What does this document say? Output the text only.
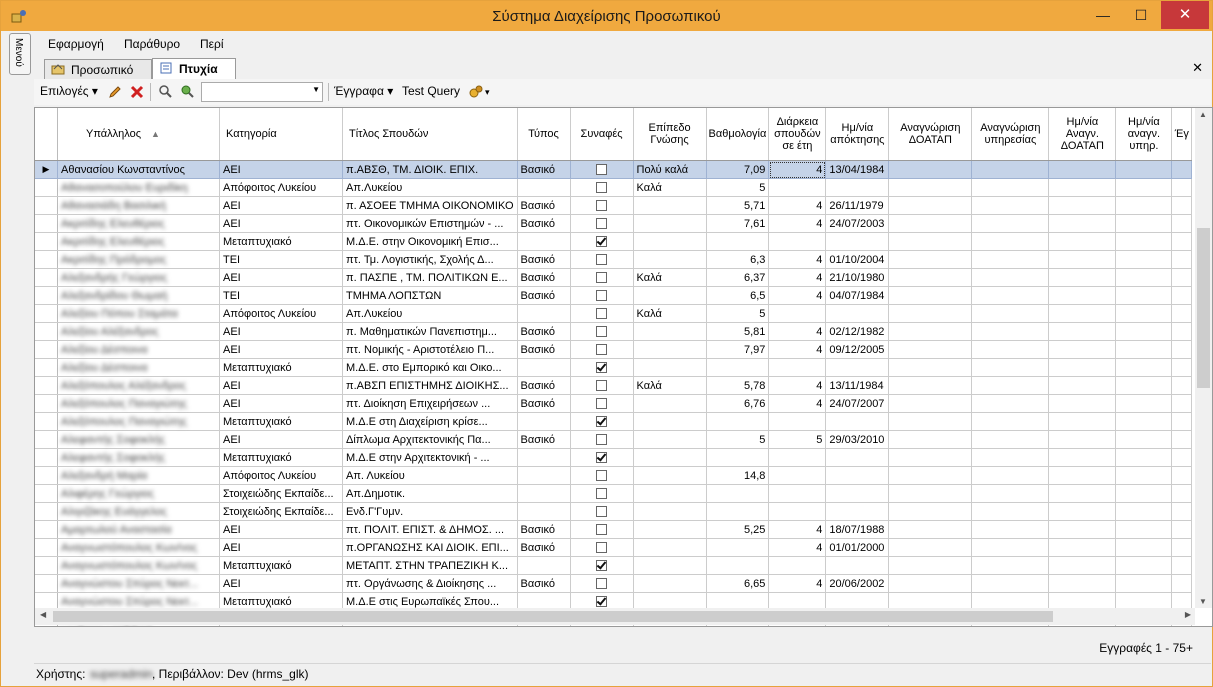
Σύστημα Διαχείρισης Προσωπικού	—	☐	✕
Μενού Εφαρμογή Παράθυρο Περί
Προσωπικό	Πτυχία	✕
Επιλογές ▾	▼ Έγγραφα ▾ Test Query	▾
	Υπάλληλος ▲	Κατηγορία	Τίτλος Σπουδών	Τύπος	Συναφές	Επίπεδο Γνώσης	Βαθμολογία	Διάρκεια σπουδών σε έτη	Ημ/νία απόκτησης	Αναγνώριση ΔΟΑΤΑΠ	Αναγνώριση υπηρεσίας	Ημ/νία Αναγν. ΔΟΑΤΑΠ	Ημ/νία αναγν. υπηρ.	Έγ
▶	Αθανασίου Κωνσταντίνος	ΑΕΙ	π.ΑΒΣΘ, ΤΜ. ΔΙΟΙΚ. ΕΠΙΧ.	Βασικό		Πολύ καλά	7,09	4	13/04/1984					
	Αθανασοπούλου Ευριδίκη	Απόφοιτος Λυκείου	Απ.Λυκείου			Καλά	5							
	Αθανασιάδη Βασιλική	ΑΕΙ	π. ΑΣΟΕΕ ΤΜΗΜΑ ΟΙΚΟΝΟΜΙΚΟ	Βασικό			5,71	4	26/11/1979					
	Ακριτίδης Ελευθέριος	ΑΕΙ	πτ. Οικονομικών Επιστημών - ...	Βασικό			7,61	4	24/07/2003					
	Ακριτίδης Ελευθέριος	Μεταπτυχιακό	Μ.Δ.Ε. στην Οικονομική Επισ...											
	Ακριτίδης Πρόδρομος	ΤΕΙ	πτ. Τμ. Λογιστικής, Σχολής Δ...	Βασικό			6,3	4	01/10/2004					
	Αλεξανδρής Γεώργιος	ΑΕΙ	π. ΠΑΣΠΕ , ΤΜ. ΠΟΛΙΤΙΚΩΝ Ε...	Βασικό		Καλά	6,37	4	21/10/1980					
	Αλεξανδρίδου Θωμαή	ΤΕΙ	ΤΜΗΜΑ ΛΟΠΣΤΩΝ	Βασικό			6,5	4	04/07/1984					
	Αλεξίου Πόπου Σταμάτα	Απόφοιτος Λυκείου	Απ.Λυκείου			Καλά	5							
	Αλεξίου Αλέξανδρος	ΑΕΙ	π. Μαθηματικών Πανεπιστημ...	Βασικό			5,81	4	02/12/1982					
	Αλεξίου Δέσποινα	ΑΕΙ	πτ. Νομικής - Αριστοτέλειο Π...	Βασικό			7,97	4	09/12/2005					
	Αλεξίου Δέσποινα	Μεταπτυχιακό	Μ.Δ.Ε. στο Εμπορικό και Οικο...											
	Αλεξόπουλος Αλέξανδρος	ΑΕΙ	π.ΑΒΣΠ ΕΠΙΣΤΗΜΗΣ ΔΙΟΙΚΗΣ...	Βασικό		Καλά	5,78	4	13/11/1984					
	Αλεξόπουλος Παναγιώτης	ΑΕΙ	πτ. Διοίκηση Επιχειρήσεων ...	Βασικό			6,76	4	24/07/2007					
	Αλεξόπουλος Παναγιώτης	Μεταπτυχιακό	Μ.Δ.Ε στη Διαχείριση κρίσε...											
	Αλεφαντής Σοφοκλής	ΑΕΙ	Δίπλωμα Αρχιτεκτονικής Πα...	Βασικό			5	5	29/03/2010					
	Αλεφαντής Σοφοκλής	Μεταπτυχιακό	Μ.Δ.Ε στην Αρχιτεκτονική - ...											
	Αλεξανδρή Μαρία	Απόφοιτος Λυκείου	Απ. Λυκείου				14,8							
	Αλιφέρης Γεώργιος	Στοιχειώδης Εκπαίδε...	Απ.Δημοτικ.											
	Αλιγιζάκης Ευάγγελος	Στοιχειώδης Εκπαίδε...	Ενδ.Γ'Γυμν.											
	Αμαρτωλού Αναστασία	ΑΕΙ	πτ. ΠΟΛΙΤ. ΕΠΙΣΤ. & ΔΗΜΟΣ. ...	Βασικό			5,25	4	18/07/1988					
	Αναγνωστόπουλος Κων/νος	ΑΕΙ	π.ΟΡΓΑΝΩΣΗΣ ΚΑΙ ΔΙΟΙΚ. ΕΠΙ...	Βασικό				4	01/01/2000					
	Αναγνωστόπουλος Κων/νος	Μεταπτυχιακό	ΜΕΤΑΠΤ. ΣΤΗΝ ΤΡΑΠΕΖΙΚΗ Κ...											
	Αναγνώστου Σπύρος Νεκτ...	ΑΕΙ	πτ. Οργάνωσης & Διοίκησης ...	Βασικό			6,65	4	20/06/2002					
	Αναγνώστου Σπύρος Νεκτ...	Μεταπτυχιακό	Μ.Δ.Ε στις Ευρωπαϊκές Σπου...											

▲
▼
◀	▶
Εγγραφές 1 - 75+
Χρήστης: superadmin , Περιβάλλον: Dev (hrms_glk)
